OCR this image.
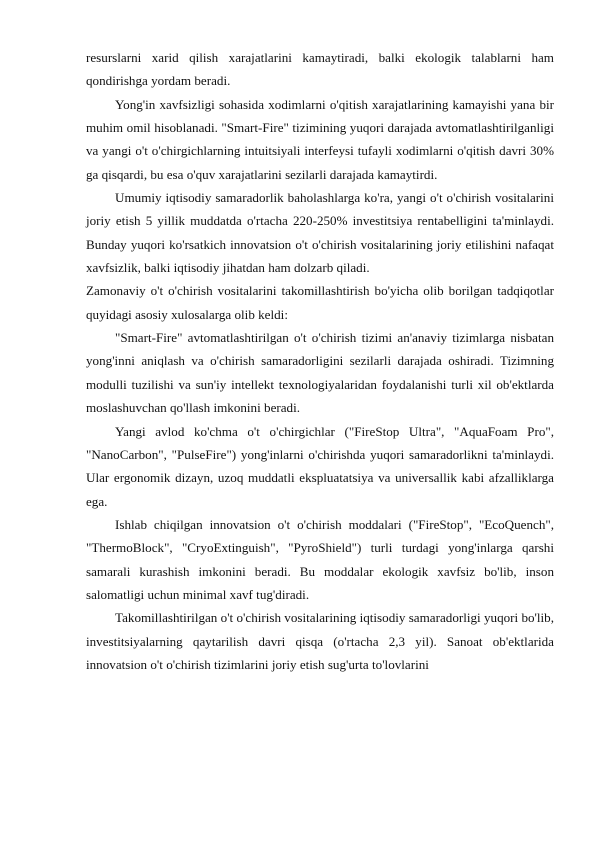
resurslarni xarid qilish xarajatlarini kamaytiradi, balki ekologik talablarni ham qondirishga yordam beradi.

Yong'in xavfsizligi sohasida xodimlarni o'qitish xarajatlarining kamayishi yana bir muhim omil hisoblanadi. "Smart-Fire" tizimining yuqori darajada avtomatlashtirilganligi va yangi o't o'chirgichlarning intuitsiyali interfeysi tufayli xodimlarni o'qitish davri 30% ga qisqardi, bu esa o'quv xarajatlarini sezilarli darajada kamaytirdi.

Umumiy iqtisodiy samaradorlik baholashlarga ko'ra, yangi o't o'chirish vositalarini joriy etish 5 yillik muddatda o'rtacha 220-250% investitsiya rentabelligini ta'minlaydi. Bunday yuqori ko'rsatkich innovatsion o't o'chirish vositalarining joriy etilishini nafaqat xavfsizlik, balki iqtisodiy jihatdan ham dolzarb qiladi.

Zamonaviy o't o'chirish vositalarini takomillashtirish bo'yicha olib borilgan tadqiqotlar quyidagi asosiy xulosalarga olib keldi:

"Smart-Fire" avtomatlashtirilgan o't o'chirish tizimi an'anaviy tizimlarga nisbatan yong'inni aniqlash va o'chirish samaradorligini sezilarli darajada oshiradi. Tizimning modulli tuzilishi va sun'iy intellekt texnologiyalaridan foydalanishi turli xil ob'ektlarda moslashuvchan qo'llash imkonini beradi.

Yangi avlod ko'chma o't o'chirgichlar ("FireStop Ultra", "AquaFoam Pro", "NanoCarbon", "PulseFire") yong'inlarni o'chirishda yuqori samaradorlikni ta'minlaydi. Ular ergonomik dizayn, uzoq muddatli ekspluatatsiya va universallik kabi afzalliklarga ega.

Ishlab chiqilgan innovatsion o't o'chirish moddalari ("FireStop", "EcoQuench", "ThermoBlock", "CryoExtinguish", "PyroShield") turli turdagi yong'inlarga qarshi samarali kurashish imkonini beradi. Bu moddalar ekologik xavfsiz bo'lib, inson salomatligi uchun minimal xavf tug'diradi.

Takomillashtirilgan o't o'chirish vositalarining iqtisodiy samaradorligi yuqori bo'lib, investitsiyalarning qaytarilish davri qisqa (o'rtacha 2,3 yil). Sanoat ob'ektlarida innovatsion o't o'chirish tizimlarini joriy etish sug'urta to'lovlarini
